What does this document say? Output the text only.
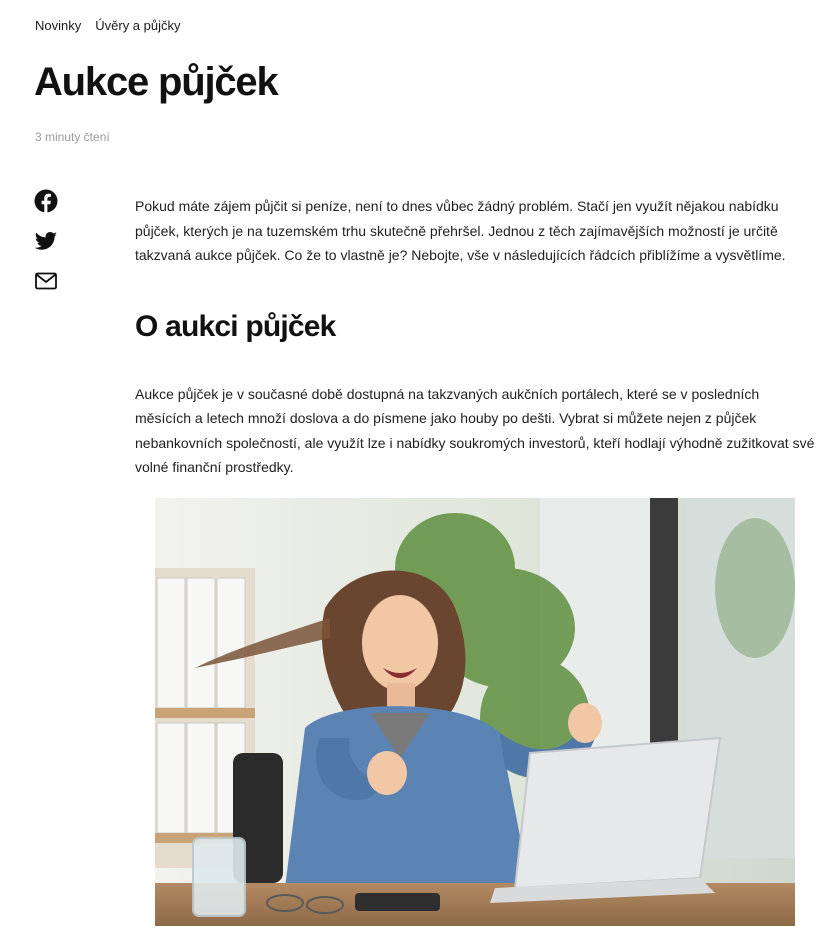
Novinky Úvěry a půjčky
Aukce půjček
3 minuty čtení

Pokud máte zájem půjčit si peníze, není to dnes vůbec žádný problém. Stačí jen využít nějakou nabídku půjček, kterých je na tuzemském trhu skutečně přehršel. Jednou z těch zajímavějších možností je určitě takzvaná aukce půjček. Co že to vlastně je? Nebojte, vše v následujících řádcích přiblížíme a vysvětlíme.

O aukci půjček

Aukce půjček je v současné době dostupná na takzvaných aukčních portálech, které se v posledních měsících a letech množí doslova a do písmene jako houby po dešti. Vybrat si můžete nejen z půjček nebankovních společností, ale využít lze i nabídky soukromých investorů, kteří hodlají výhodně zužitkovat své volné finanční prostředky.
